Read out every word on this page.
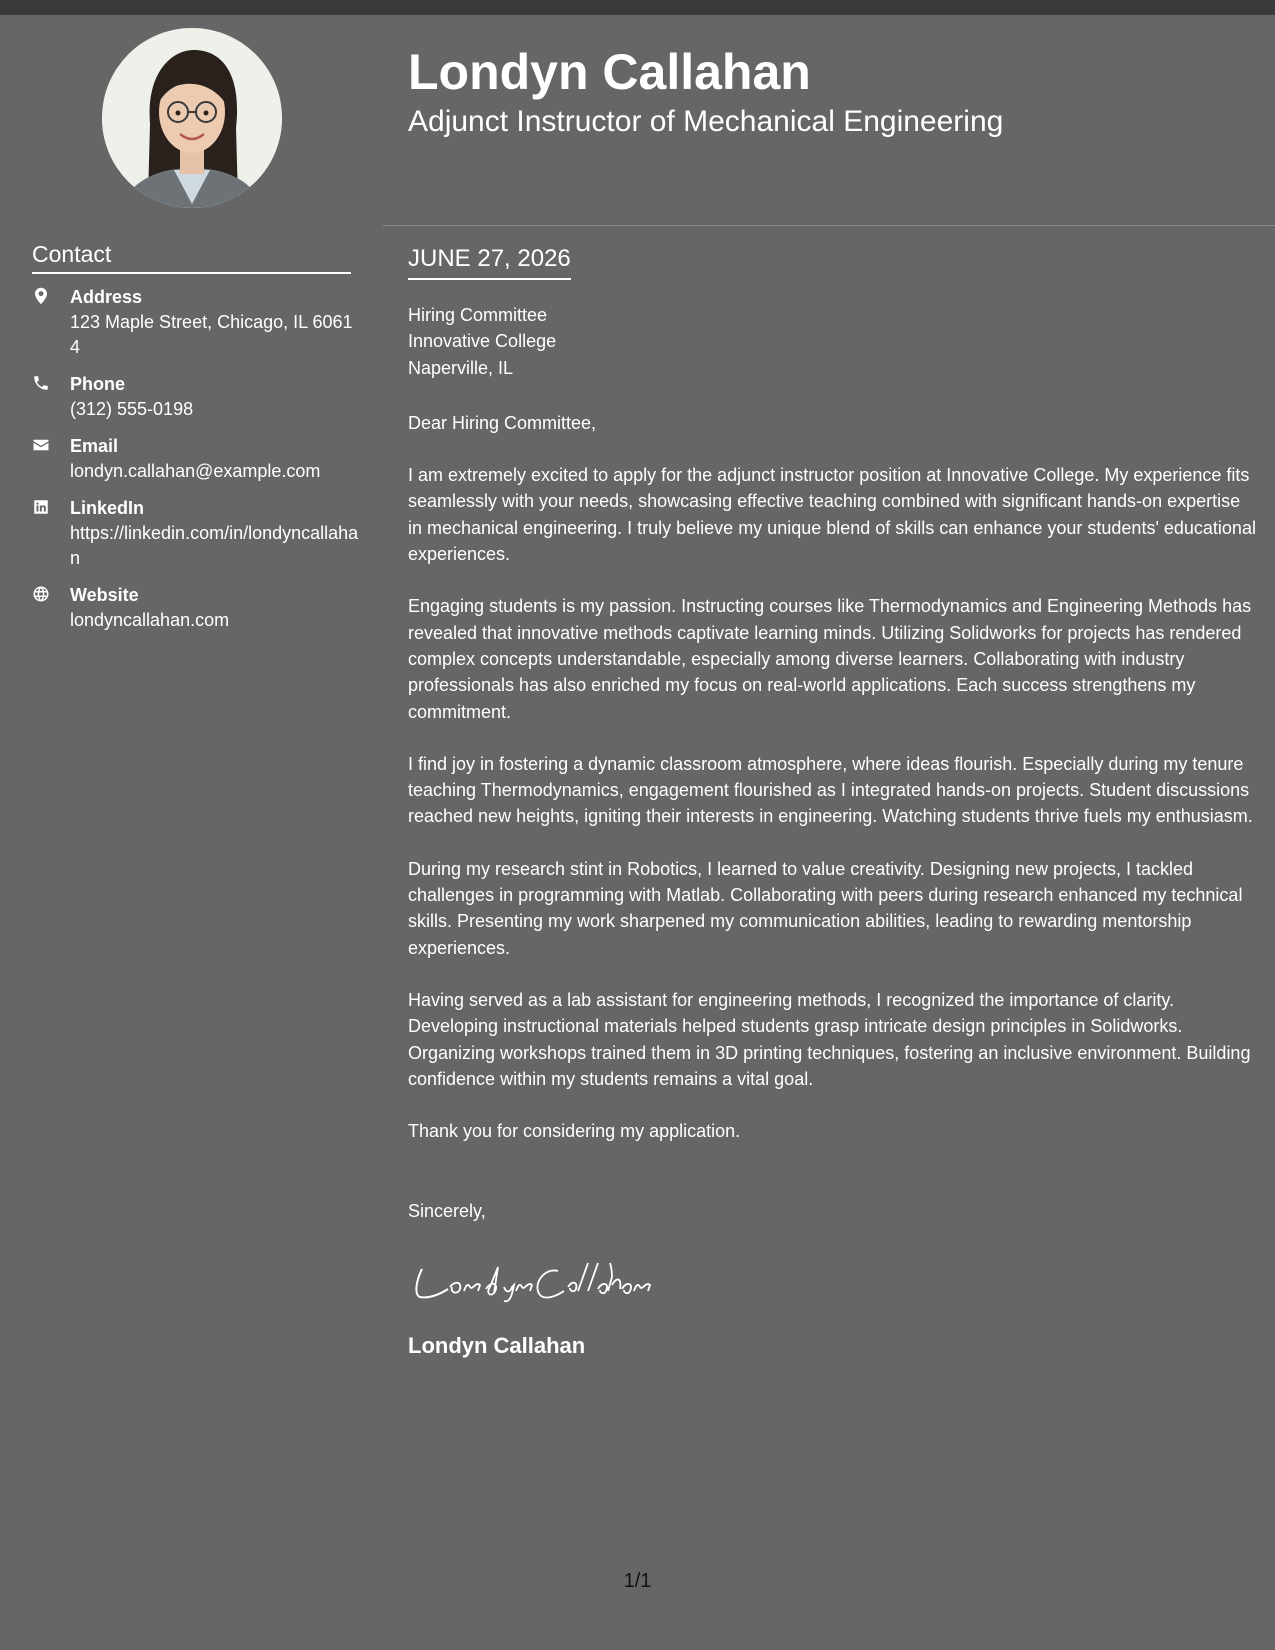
Contact
Address
123 Maple Street, Chicago, IL 60614
Phone
(312) 555-0198
Email
londyn.callahan@example.com
LinkedIn
https://linkedin.com/in/londyncallahan
Website
londyncallahan.com
Londyn Callahan
Adjunct Instructor of Mechanical Engineering
JUNE 27, 2026
Hiring Committee
Innovative College
Naperville, IL
Dear Hiring Committee,
I am extremely excited to apply for the adjunct instructor position at Innovative College. My experience fits seamlessly with your needs, showcasing effective teaching combined with significant hands-on expertise in mechanical engineering. I truly believe my unique blend of skills can enhance your students' educational experiences.
Engaging students is my passion. Instructing courses like Thermodynamics and Engineering Methods has revealed that innovative methods captivate learning minds. Utilizing Solidworks for projects has rendered complex concepts understandable, especially among diverse learners. Collaborating with industry professionals has also enriched my focus on real-world applications. Each success strengthens my commitment.
I find joy in fostering a dynamic classroom atmosphere, where ideas flourish. Especially during my tenure teaching Thermodynamics, engagement flourished as I integrated hands-on projects. Student discussions reached new heights, igniting their interests in engineering. Watching students thrive fuels my enthusiasm.
During my research stint in Robotics, I learned to value creativity. Designing new projects, I tackled challenges in programming with Matlab. Collaborating with peers during research enhanced my technical skills. Presenting my work sharpened my communication abilities, leading to rewarding mentorship experiences.
Having served as a lab assistant for engineering methods, I recognized the importance of clarity. Developing instructional materials helped students grasp intricate design principles in Solidworks. Organizing workshops trained them in 3D printing techniques, fostering an inclusive environment. Building confidence within my students remains a vital goal.
Thank you for considering my application.
Sincerely,
Londyn Callahan
1/1
